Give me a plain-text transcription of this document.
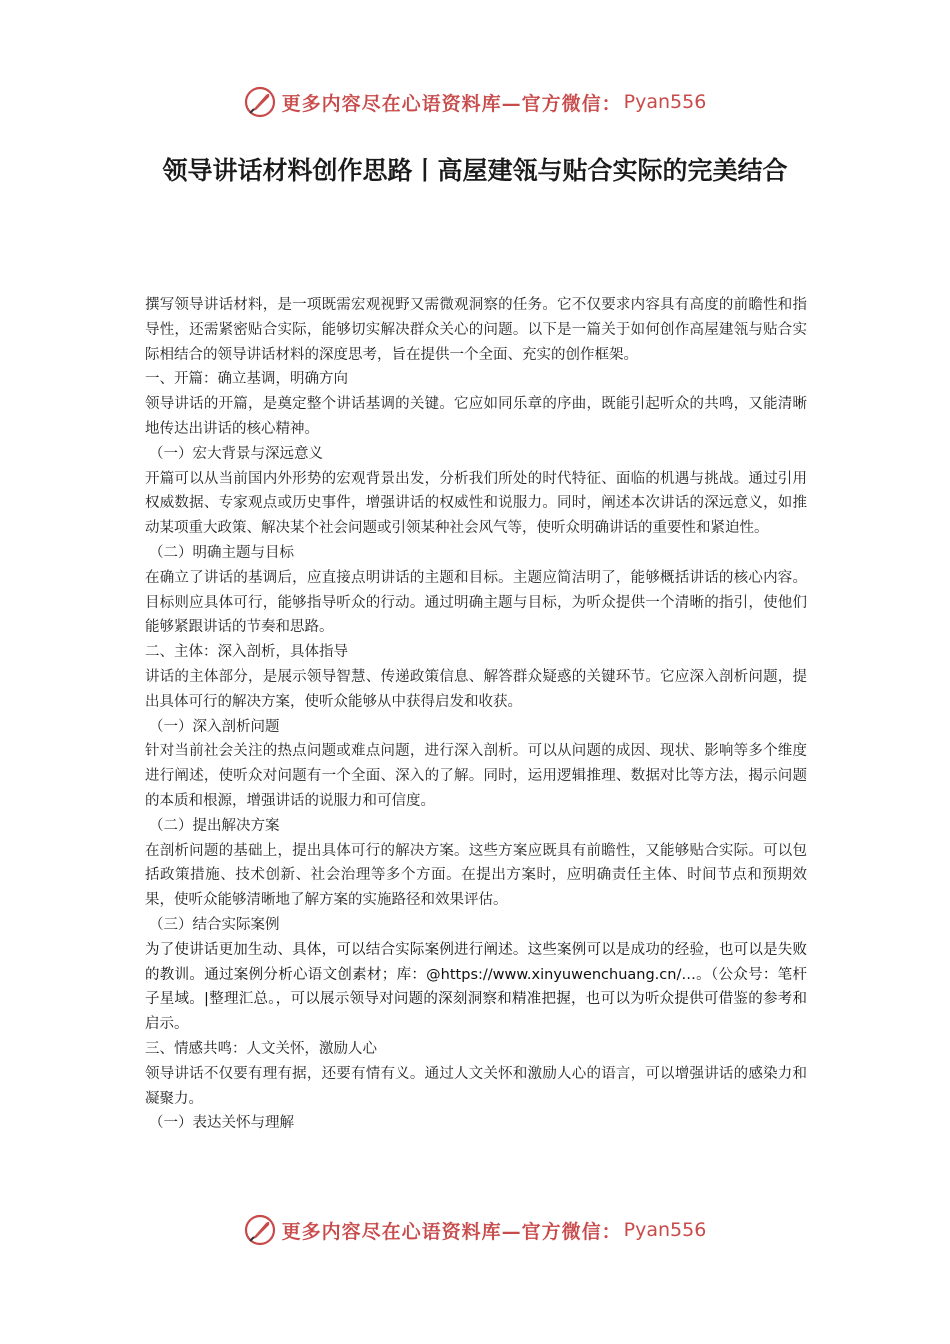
更多内容尽在心语资料库—官方微信： Pyan556
领导讲话材料创作思路丨高屋建瓴与贴合实际的完美结合

撰写领导讲话材料，是一项既需宏观视野又需微观洞察的任务。它不仅要求内容具有高度的前瞻性和指导性，还需紧密贴合实际，能够切实解决群众关心的问题。以下是一篇关于如何创作高屋建瓴与贴合实际相结合的领导讲话材料的深度思考，旨在提供一个全面、充实的创作框架。

一、开篇：确立基调，明确方向

领导讲话的开篇，是奠定整个讲话基调的关键。它应如同乐章的序曲，既能引起听众的共鸣，又能清晰地传达出讲话的核心精神。

（一）宏大背景与深远意义

开篇可以从当前国内外形势的宏观背景出发，分析我们所处的时代特征、面临的机遇与挑战。通过引用权威数据、专家观点或历史事件，增强讲话的权威性和说服力。同时，阐述本次讲话的深远意义，如推动某项重大政策、解决某个社会问题或引领某种社会风气等，使听众明确讲话的重要性和紧迫性。

（二）明确主题与目标

在确立了讲话的基调后，应直接点明讲话的主题和目标。主题应简洁明了，能够概括讲话的核心内容。目标则应具体可行，能够指导听众的行动。通过明确主题与目标，为听众提供一个清晰的指引，使他们能够紧跟讲话的节奏和思路。

二、主体：深入剖析，具体指导

讲话的主体部分，是展示领导智慧、传递政策信息、解答群众疑惑的关键环节。它应深入剖析问题，提出具体可行的解决方案，使听众能够从中获得启发和收获。

（一）深入剖析问题

针对当前社会关注的热点问题或难点问题，进行深入剖析。可以从问题的成因、现状、影响等多个维度进行阐述，使听众对问题有一个全面、深入的了解。同时，运用逻辑推理、数据对比等方法，揭示问题的本质和根源，增强讲话的说服力和可信度。

（二）提出解决方案

在剖析问题的基础上，提出具体可行的解决方案。这些方案应既具有前瞻性，又能够贴合实际。可以包括政策措施、技术创新、社会治理等多个方面。在提出方案时，应明确责任主体、时间节点和预期效果，使听众能够清晰地了解方案的实施路径和效果评估。

（三）结合实际案例

为了使讲话更加生动、具体，可以结合实际案例进行阐述。这些案例可以是成功的经验，也可以是失败的教训。通过案例分析心语文创素材；库：@https://www.xinyuwenchuang.cn/…。（公众号：笔杆子星域。|整理汇总。，可以展示领导对问题的深刻洞察和精准把握，也可以为听众提供可借鉴的参考和启示。

三、情感共鸣：人文关怀，激励人心

领导讲话不仅要有理有据，还要有情有义。通过人文关怀和激励人心的语言，可以增强讲话的感染力和凝聚力。

（一）表达关怀与理解

更多内容尽在心语资料库—官方微信： Pyan556
